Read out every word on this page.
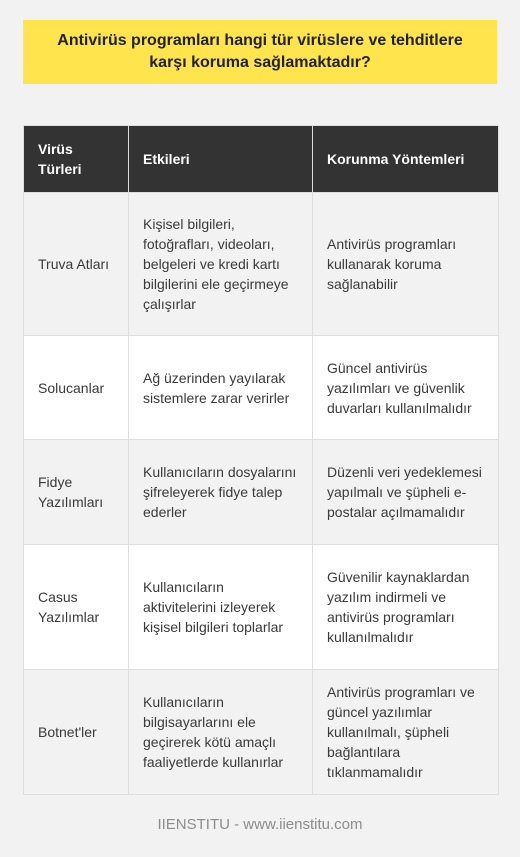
Antivirüs programları hangi tür virüslere ve tehditlere karşı koruma sağlamaktadır?
Virüs Türleri	Etkileri	Korunma Yöntemleri
Truva Atları	Kişisel bilgileri, fotoğrafları, videoları, belgeleri ve kredi kartı bilgilerini ele geçirmeye çalışırlar	Antivirüs programları kullanarak koruma sağlanabilir
Solucanlar	Ağ üzerinden yayılarak sistemlere zarar verirler	Güncel antivirüs yazılımları ve güvenlik duvarları kullanılmalıdır
Fidye Yazılımları	Kullanıcıların dosyalarını şifreleyerek fidye talep ederler	Düzenli veri yedeklemesi yapılmalı ve şüpheli e-postalar açılmamalıdır
Casus Yazılımlar	Kullanıcıların aktivitelerini izleyerek kişisel bilgileri toplarlar	Güvenilir kaynaklardan yazılım indirmeli ve antivirüs programları kullanılmalıdır
Botnet'ler	Kullanıcıların bilgisayarlarını ele geçirerek kötü amaçlı faaliyetlerde kullanırlar	Antivirüs programları ve güncel yazılımlar kullanılmalı, şüpheli bağlantılara tıklanmamalıdır
IIENSTITU - www.iienstitu.com
